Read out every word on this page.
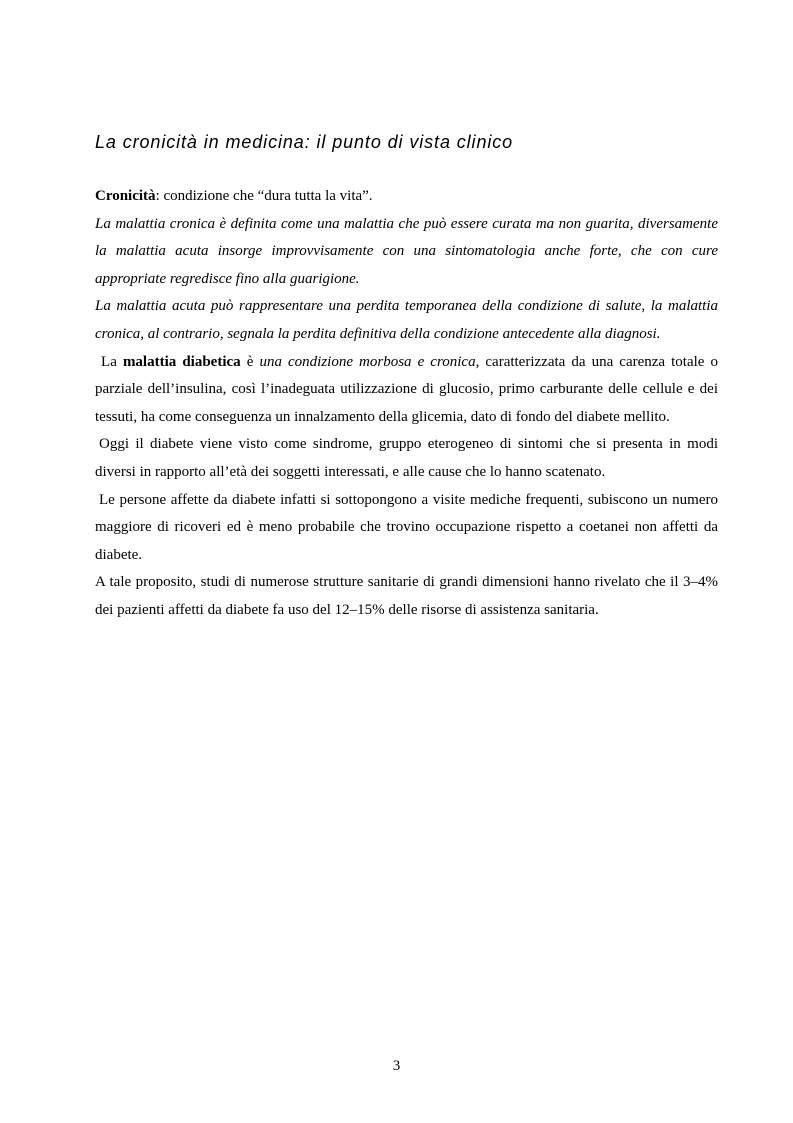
La cronicità in medicina: il punto di vista clinico

Cronicità: condizione che “dura tutta la vita”.

La malattia cronica è definita come una malattia che può essere curata ma non guarita, diversamente la malattia acuta insorge improvvisamente con una sintomatologia anche forte, che con cure appropriate regredisce fino alla guarigione.

La malattia acuta può rappresentare una perdita temporanea della condizione di salute, la malattia cronica, al contrario, segnala la perdita definitiva della condizione antecedente alla diagnosi.

La malattia diabetica è una condizione morbosa e cronica, caratterizzata da una carenza totale o parziale dell’insulina, così l’inadeguata utilizzazione di glucosio, primo carburante delle cellule e dei tessuti, ha come conseguenza un innalzamento della glicemia, dato di fondo del diabete mellito.

Oggi il diabete viene visto come sindrome, gruppo eterogeneo di sintomi che si presenta in modi diversi in rapporto all’età dei soggetti interessati, e alle cause che lo hanno scatenato.

Le persone affette da diabete infatti si sottopongono a visite mediche frequenti, subiscono un numero maggiore di ricoveri ed è meno probabile che trovino occupazione rispetto a coetanei non affetti da diabete.

A tale proposito, studi di numerose strutture sanitarie di grandi dimensioni hanno rivelato che il 3–4% dei pazienti affetti da diabete fa uso del 12–15% delle risorse di assistenza sanitaria.

3
